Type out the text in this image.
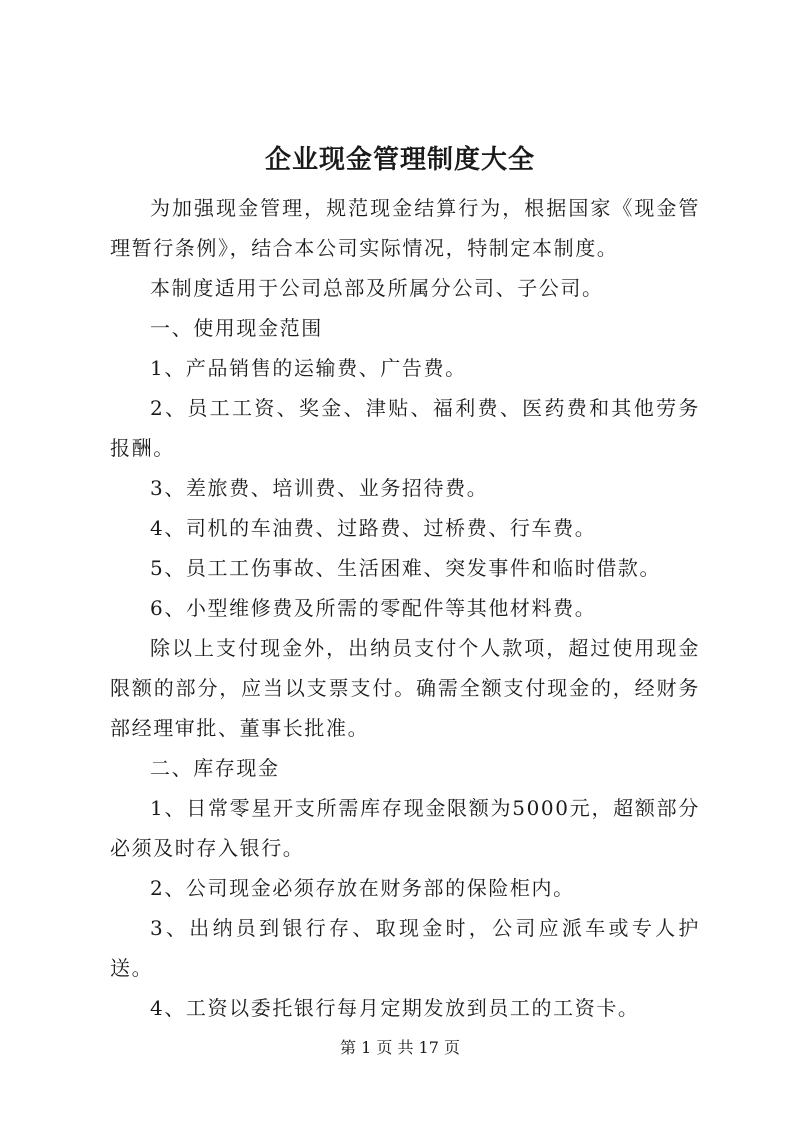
企业现金管理制度大全

为加强现金管理，规范现金结算行为，根据国家《现金管理暂行条例》，结合本公司实际情况，特制定本制度。

本制度适用于公司总部及所属分公司、子公司。

一、使用现金范围

1、产品销售的运输费、广告费。

2、员工工资、奖金、津贴、福利费、医药费和其他劳务报酬。

3、差旅费、培训费、业务招待费。

4、司机的车油费、过路费、过桥费、行车费。

5、员工工伤事故、生活困难、突发事件和临时借款。

6、小型维修费及所需的零配件等其他材料费。

除以上支付现金外，出纳员支付个人款项，超过使用现金限额的部分，应当以支票支付。确需全额支付现金的，经财务部经理审批、董事长批准。

二、库存现金

1、日常零星开支所需库存现金限额为5000元，超额部分必须及时存入银行。

2、公司现金必须存放在财务部的保险柜内。

3、出纳员到银行存、取现金时，公司应派车或专人护送。

4、工资以委托银行每月定期发放到员工的工资卡。

第 1 页 共 17 页
